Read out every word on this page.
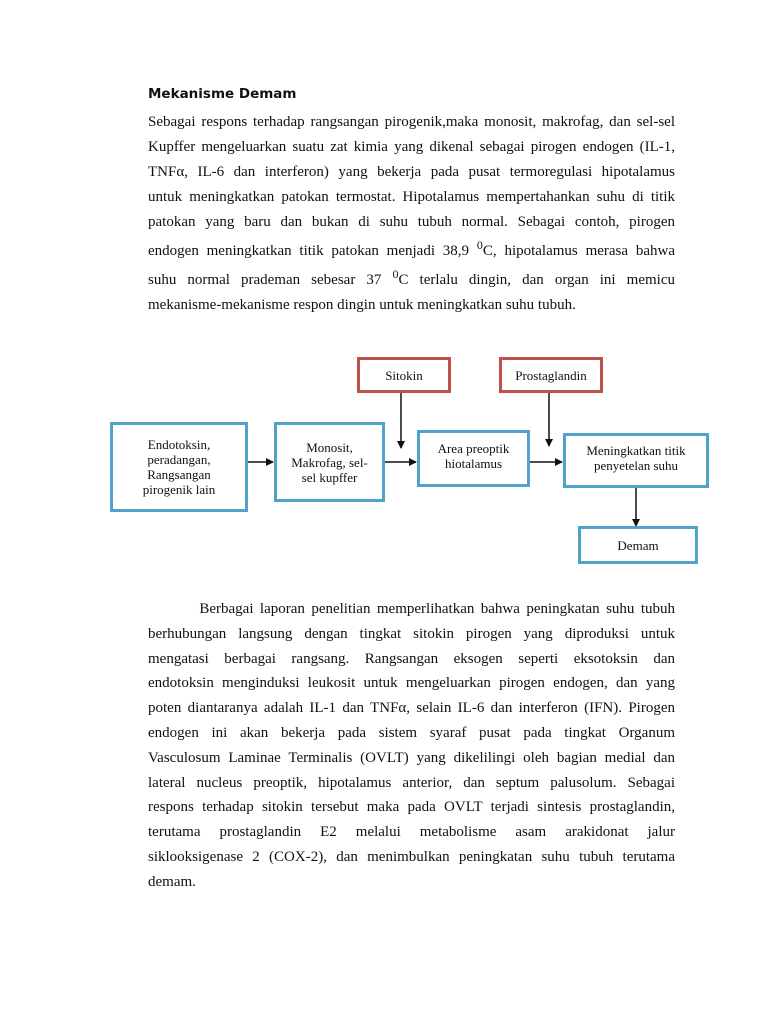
Mekanisme Demam
Sebagai respons terhadap rangsangan pirogenik,maka monosit, makrofag, dan sel-sel
Kupffer mengeluarkan suatu zat kimia yang dikenal sebagai pirogen endogen (IL-1,
TNFα, IL-6 dan interferon) yang bekerja pada pusat termoregulasi hipotalamus
untuk meningkatkan patokan termostat. Hipotalamus mempertahankan suhu di titik
patokan yang baru dan bukan di suhu tubuh normal. Sebagai contoh, pirogen
endogen meningkatkan titik patokan menjadi 38,9 $^0$C, hipotalamus merasa bahwa
suhu normal prademan sebesar 37 $^0$C terlalu dingin, dan organ ini memicu
mekanisme-mekanisme respon dingin untuk meningkatkan suhu tubuh.
Sitokin	Prostaglandin
Endotoksin,
peradangan,
Rangsangan
pirogenik lain
Monosit,
Makrofag, sel-
sel kupffer
Area preoptik
hiotalamus
Meningkatkan titik
penyetelan suhu
Demam
Berbagai laporan penelitian memperlihatkan bahwa peningkatan suhu tubuh
berhubungan langsung dengan tingkat sitokin pirogen yang diproduksi untuk
mengatasi berbagai rangsang. Rangsangan eksogen seperti eksotoksin dan
endotoksin menginduksi leukosit untuk mengeluarkan pirogen endogen, dan yang
poten diantaranya adalah IL-1 dan TNFα, selain IL-6 dan interferon (IFN). Pirogen
endogen ini akan bekerja pada sistem syaraf pusat pada tingkat Organum
Vasculosum Laminae Terminalis (OVLT) yang dikelilingi oleh bagian medial dan
lateral nucleus preoptik, hipotalamus anterior, dan septum palusolum. Sebagai
respons terhadap sitokin tersebut maka pada OVLT terjadi sintesis prostaglandin,
terutama prostaglandin E2 melalui metabolisme asam arakidonat jalur
siklooksigenase 2 (COX-2), dan menimbulkan peningkatan suhu tubuh terutama
demam.
